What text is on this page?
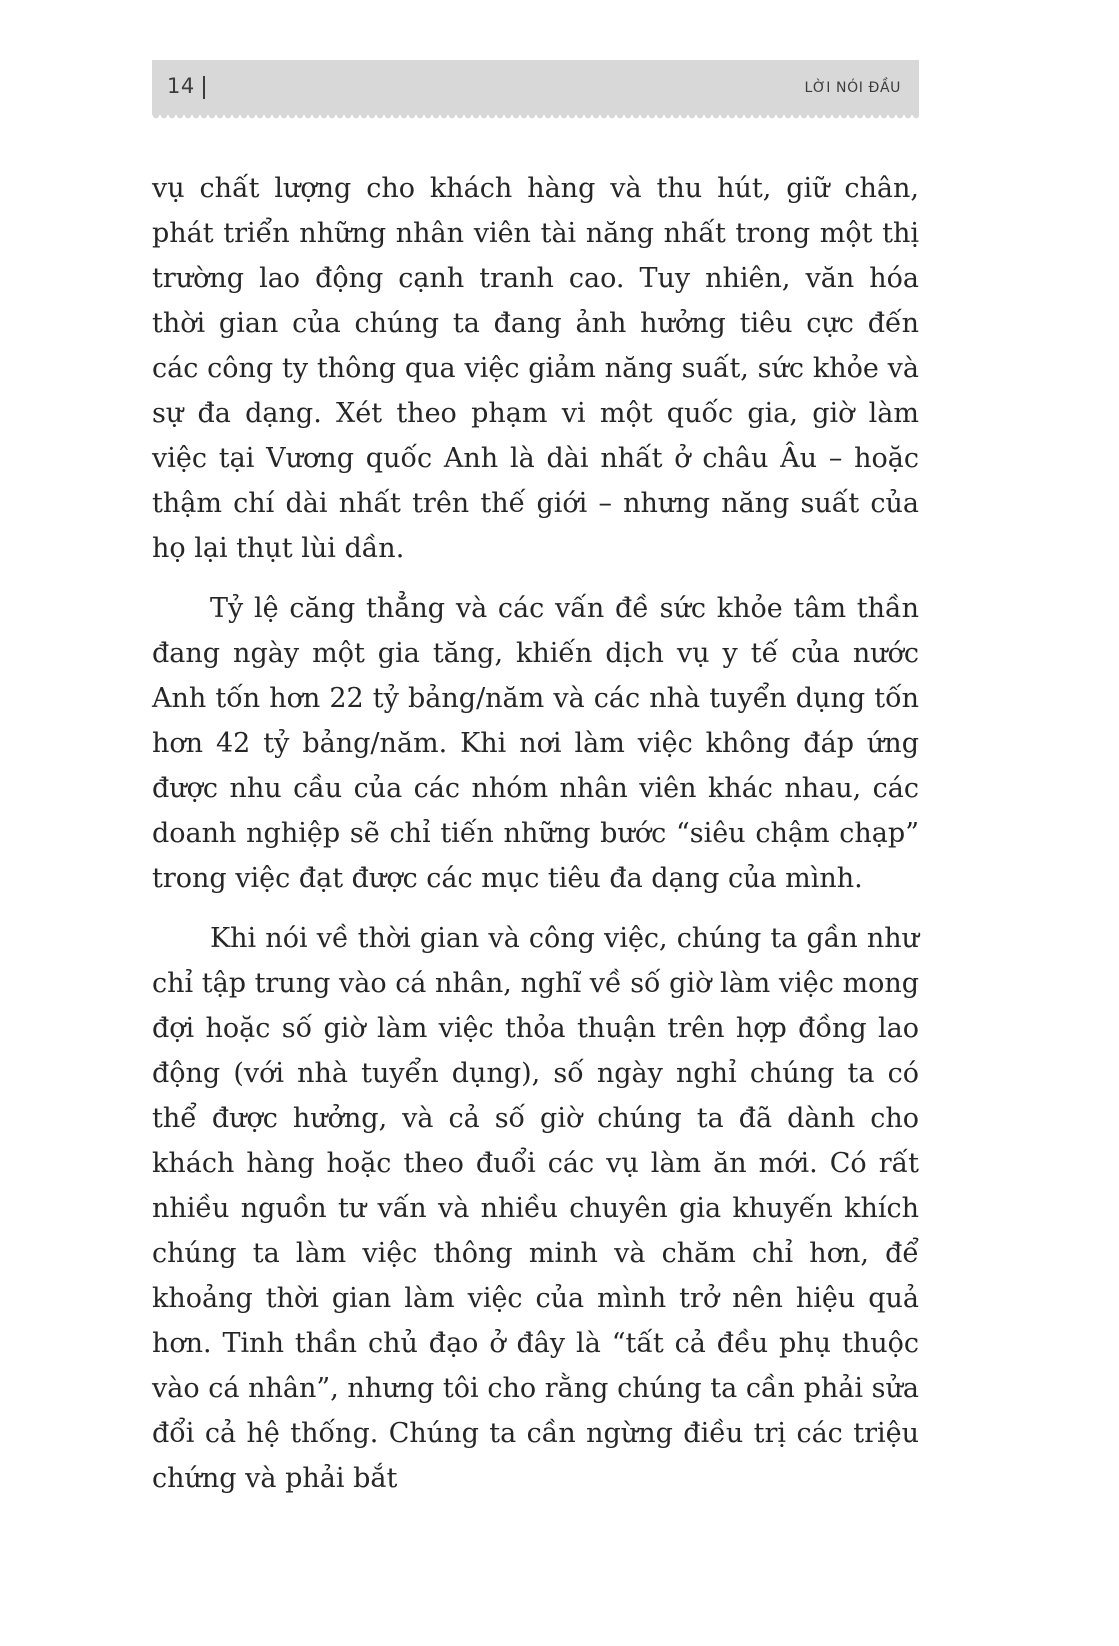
14	LỜI NÓI ĐẦU

vụ chất lượng cho khách hàng và thu hút, giữ chân, phát triển những nhân viên tài năng nhất trong một thị trường lao động cạnh tranh cao. Tuy nhiên, văn hóa thời gian của chúng ta đang ảnh hưởng tiêu cực đến các công ty thông qua việc giảm năng suất, sức khỏe và sự đa dạng. Xét theo phạm vi một quốc gia, giờ làm việc tại Vương quốc Anh là dài nhất ở châu Âu – hoặc thậm chí dài nhất trên thế giới – nhưng năng suất của họ lại thụt lùi dần.

Tỷ lệ căng thẳng và các vấn đề sức khỏe tâm thần đang ngày một gia tăng, khiến dịch vụ y tế của nước Anh tốn hơn 22 tỷ bảng/năm và các nhà tuyển dụng tốn hơn 42 tỷ bảng/năm. Khi nơi làm việc không đáp ứng được nhu cầu của các nhóm nhân viên khác nhau, các doanh nghiệp sẽ chỉ tiến những bước “siêu chậm chạp” trong việc đạt được các mục tiêu đa dạng của mình.

Khi nói về thời gian và công việc, chúng ta gần như chỉ tập trung vào cá nhân, nghĩ về số giờ làm việc mong đợi hoặc số giờ làm việc thỏa thuận trên hợp đồng lao động (với nhà tuyển dụng), số ngày nghỉ chúng ta có thể được hưởng, và cả số giờ chúng ta đã dành cho khách hàng hoặc theo đuổi các vụ làm ăn mới. Có rất nhiều nguồn tư vấn và nhiều chuyên gia khuyến khích chúng ta làm việc thông minh và chăm chỉ hơn, để khoảng thời gian làm việc của mình trở nên hiệu quả hơn. Tinh thần chủ đạo ở đây là “tất cả đều phụ thuộc vào cá nhân”, nhưng tôi cho rằng chúng ta cần phải sửa đổi cả hệ thống. Chúng ta cần ngừng điều trị các triệu chứng và phải bắt
